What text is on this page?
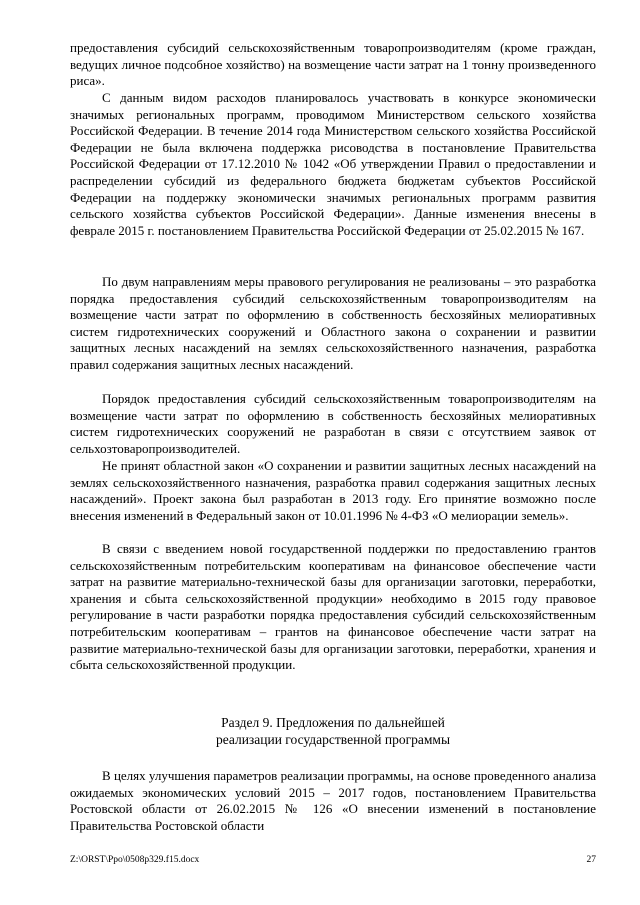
предоставления субсидий сельскохозяйственным товаропроизводителям (кроме граждан, ведущих личное подсобное хозяйство) на возмещение части затрат на 1 тонну произведенного риса».

С данным видом расходов планировалось участвовать в конкурсе экономически значимых региональных программ, проводимом Министерством сельского хозяйства Российской Федерации. В течение 2014 года Министерством сельского хозяйства Российской Федерации не была включена поддержка рисоводства в постановление Правительства Российской Федерации от 17.12.2010 № 1042 «Об утверждении Правил о предоставлении и распределении субсидий из федерального бюджета бюджетам субъектов Российской Федерации на поддержку экономически значимых региональных программ развития сельского хозяйства субъектов Российской Федерации». Данные изменения внесены в феврале 2015 г. постановлением Правительства Российской Федерации от 25.02.2015 № 167.

По двум направлениям меры правового регулирования не реализованы – это разработка порядка предоставления субсидий сельскохозяйственным товаропроизводителям на возмещение части затрат по оформлению в собственность бесхозяйных мелиоративных систем гидротехнических сооружений и Областного закона о сохранении и развитии защитных лесных насаждений на землях сельскохозяйственного назначения, разработка правил содержания защитных лесных насаждений.

Порядок предоставления субсидий сельскохозяйственным товаропроизводителям на возмещение части затрат по оформлению в собственность бесхозяйных мелиоративных систем гидротехнических сооружений не разработан в связи с отсутствием заявок от сельхозтоваропроизводителей.

Не принят областной закон «О сохранении и развитии защитных лесных насаждений на землях сельскохозяйственного назначения, разработка правил содержания защитных лесных насаждений». Проект закона был разработан в 2013 году. Его принятие возможно после внесения изменений в Федеральный закон от 10.01.1996 № 4-ФЗ «О мелиорации земель».

В связи с введением новой государственной поддержки по предоставлению грантов сельскохозяйственным потребительским кооперативам на финансовое обеспечение части затрат на развитие материально-технической базы для организации заготовки, переработки, хранения и сбыта сельскохозяйственной продукции» необходимо в 2015 году правовое регулирование в части разработки порядка предоставления субсидий сельскохозяйственным потребительским кооперативам – грантов на финансовое обеспечение части затрат на развитие материально-технической базы для организации заготовки, переработки, хранения и сбыта сельскохозяйственной продукции.

Раздел 9. Предложения по дальнейшей
реализации государственной программы

В целях улучшения параметров реализации программы, на основе проведенного анализа ожидаемых экономических условий 2015 – 2017 годов, постановлением Правительства Ростовской области от 26.02.2015 № 126 «О внесении изменений в постановление Правительства Ростовской области

Z:\ORST\Ppo\0508p329.f15.docx	27
